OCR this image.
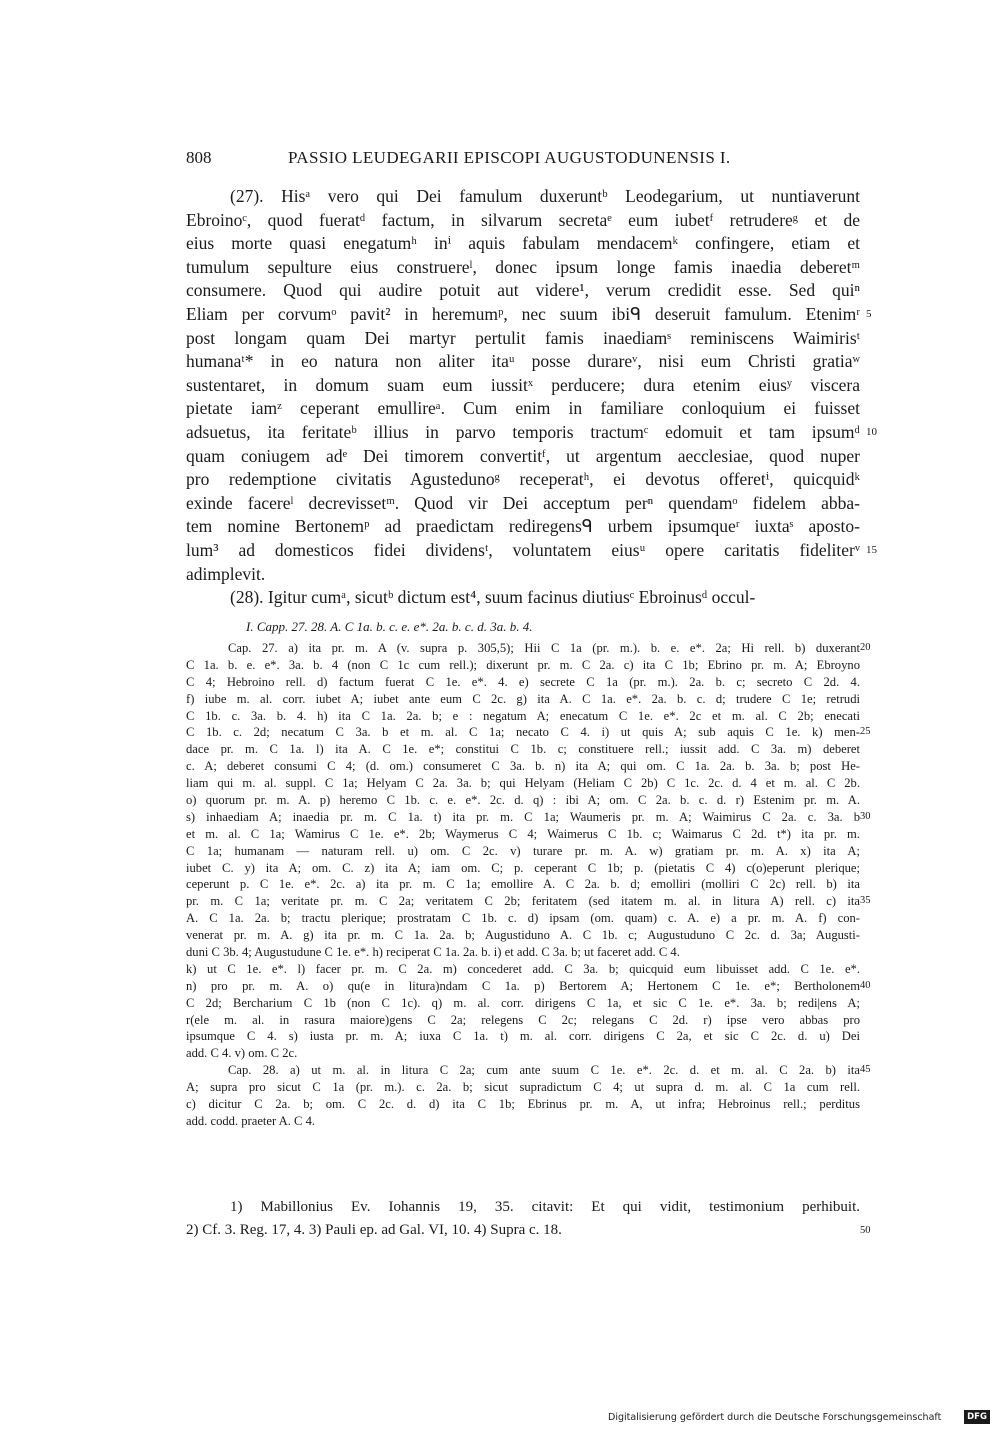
808	PASSIO LEUDEGARII EPISCOPI AUGUSTODUNENSIS I.
(27). Hisᵃ vero qui Dei famulum duxeruntᵇ Leodegarium, ut nuntiaverunt
Ebroinoᶜ, quod fueratᵈ factum, in silvarum secretaᵉ eum iubetᶠ retrudereᵍ et de
eius morte quasi enegatumʰ inⁱ aquis fabulam mendacemᵏ confingere, etiam et
tumulum sepulture eius construereˡ, donec ipsum longe famis inaedia deberetᵐ
consumere. Quod qui audire potuit aut videre¹, verum credidit esse. Sed quiⁿ
Eliam per corvumᵒ pavit² in heremumᵖ, nec suum ibiᑫ deseruit famulum. Etenimʳ 5
post longam quam Dei martyr pertulit famis inaediamˢ reminiscens Waimirisᵗ
humanaᵗ* in eo natura non aliter itaᵘ posse durareᵛ, nisi eum Christi gratiaʷ
sustentaret, in domum suam eum iussitˣ perducere; dura etenim eiusʸ viscera
pietate iamᶻ ceperant emullireᵃ. Cum enim in familiare conloquium ei fuisset
adsuetus, ita feritateᵇ illius in parvo temporis tractumᶜ edomuit et tam ipsumᵈ 10
quam coniugem adᵉ Dei timorem convertitᶠ, ut argentum aecclesiae, quod nuper
pro redemptione civitatis Agustedunoᵍ receperatʰ, ei devotus offeretⁱ, quicquidᵏ
exinde facereˡ decrevissetᵐ. Quod vir Dei acceptum perⁿ quendamᵒ fidelem abba-
tem nomine Bertonemᵖ ad praedictam rediregensᑫ urbem ipsumqueʳ iuxtaˢ aposto-
lum³ ad domesticos fidei dividensᵗ, voluntatem eiusᵘ opere caritatis fideliterᵛ 15
adimplevit.
(28). Igitur cumᵃ, sicutᵇ dictum est⁴, suum facinus diutiusᶜ Ebroinusᵈ occul-
I. Capp. 27. 28. A. C 1a. b. c. e. e*. 2a. b. c. d. 3a. b. 4.
Cap. 27. a) ita pr. m. A (v. supra p. 305,5); Hii C 1a (pr. m.). b. e. e*. 2a; Hi rell. b) duxerant 20
C 1a. b. e. e*. 3a. b. 4 (non C 1c cum rell.); dixerunt pr. m. C 2a. c) ita C 1b; Ebrino pr. m. A; Ebroyno
C 4; Hebroino rell. d) factum fuerat C 1e. e*. 4. e) secrete C 1a (pr. m.). 2a. b. c; secreto C 2d. 4.
f) iube m. al. corr. iubet A; iubet ante eum C 2c. g) ita A. C 1a. e*. 2a. b. c. d; trudere C 1e; retrudi
C 1b. c. 3a. b. 4. h) ita C 1a. 2a. b; e : negatum A; enecatum C 1e. e*. 2c et m. al. C 2b; enecati
C 1b. c. 2d; necatum C 3a. b et m. al. C 1a; necato C 4. i) ut quis A; sub aquis C 1e. k) men- 25
dace pr. m. C 1a. l) ita A. C 1e. e*; constitui C 1b. c; constituere rell.; iussit add. C 3a. m) deberet
c. A; deberet consumi C 4; (d. om.) consumeret C 3a. b. n) ita A; qui om. C 1a. 2a. b. 3a. b; post He-
liam qui m. al. suppl. C 1a; Helyam C 2a. 3a. b; qui Helyam (Heliam C 2b) C 1c. 2c. d. 4 et m. al. C 2b.
o) quorum pr. m. A. p) heremo C 1b. c. e. e*. 2c. d. q) : ibi A; om. C 2a. b. c. d. r) Estenim pr. m. A.
s) inhaediam A; inaedia pr. m. C 1a. t) ita pr. m. C 1a; Waumeris pr. m. A; Waimirus C 2a. c. 3a. b 30
et m. al. C 1a; Wamirus C 1e. e*. 2b; Waymerus C 4; Waimerus C 1b. c; Waimarus C 2d. t*) ita pr. m.
C 1a; humanam — naturam rell. u) om. C 2c. v) turare pr. m. A. w) gratiam pr. m. A. x) ita A;
iubet C. y) ita A; om. C. z) ita A; iam om. C; p. ceperant C 1b; p. (pietatis C 4) c(o)eperunt plerique;
ceperunt p. C 1e. e*. 2c. a) ita pr. m. C 1a; emollire A. C 2a. b. d; emolliri (molliri C 2c) rell. b) ita
pr. m. C 1a; veritate pr. m. C 2a; veritatem C 2b; feritatem (sed itatem m. al. in litura A) rell. c) ita 35
A. C 1a. 2a. b; tractu plerique; prostratam C 1b. c. d) ipsam (om. quam) c. A. e) a pr. m. A. f) con-
venerat pr. m. A. g) ita pr. m. C 1a. 2a. b; Augustiduno A. C 1b. c; Augustuduno C 2c. d. 3a; Augusti-
duni C 3b. 4; Augustudune C 1e. e*. h) reciperat C 1a. 2a. b. i) et add. C 3a. b; ut faceret add. C 4.
k) ut C 1e. e*. l) facer pr. m. C 2a. m) concederet add. C 3a. b; quicquid eum libuisset add. C 1e. e*.
n) pro pr. m. A. o) qu(e in litura)ndam C 1a. p) Bertorem A; Hertonem C 1e. e*; Bertholonem 40
C 2d; Bercharium C 1b (non C 1c). q) m. al. corr. dirigens C 1a, et sic C 1e. e*. 3a. b; redi|ens A;
r(ele m. al. in rasura maiore)gens C 2a; relegens C 2c; relegans C 2d. r) ipse vero abbas pro
ipsumque C 4. s) iusta pr. m. A; iuxa C 1a. t) m. al. corr. dirigens C 2a, et sic C 2c. d. u) Dei
add. C 4. v) om. C 2c.
Cap. 28. a) ut m. al. in litura C 2a; cum ante suum C 1e. e*. 2c. d. et m. al. C 2a. b) ita 45
A; supra pro sicut C 1a (pr. m.). c. 2a. b; sicut supradictum C 4; ut supra d. m. al. C 1a cum rell.
c) dicitur C 2a. b; om. C 2c. d. d) ita C 1b; Ebrinus pr. m. A, ut infra; Hebroinus rell.; perditus
add. codd. praeter A. C 4.
1) Mabillonius Ev. Iohannis 19, 35. citavit: Et qui vidit, testimonium perhibuit.
2) Cf. 3. Reg. 17, 4. 3) Pauli ep. ad Gal. VI, 10. 4) Supra c. 18.	50
Digitalisierung gefördert durch die Deutsche Forschungsgemeinschaft	DFG
